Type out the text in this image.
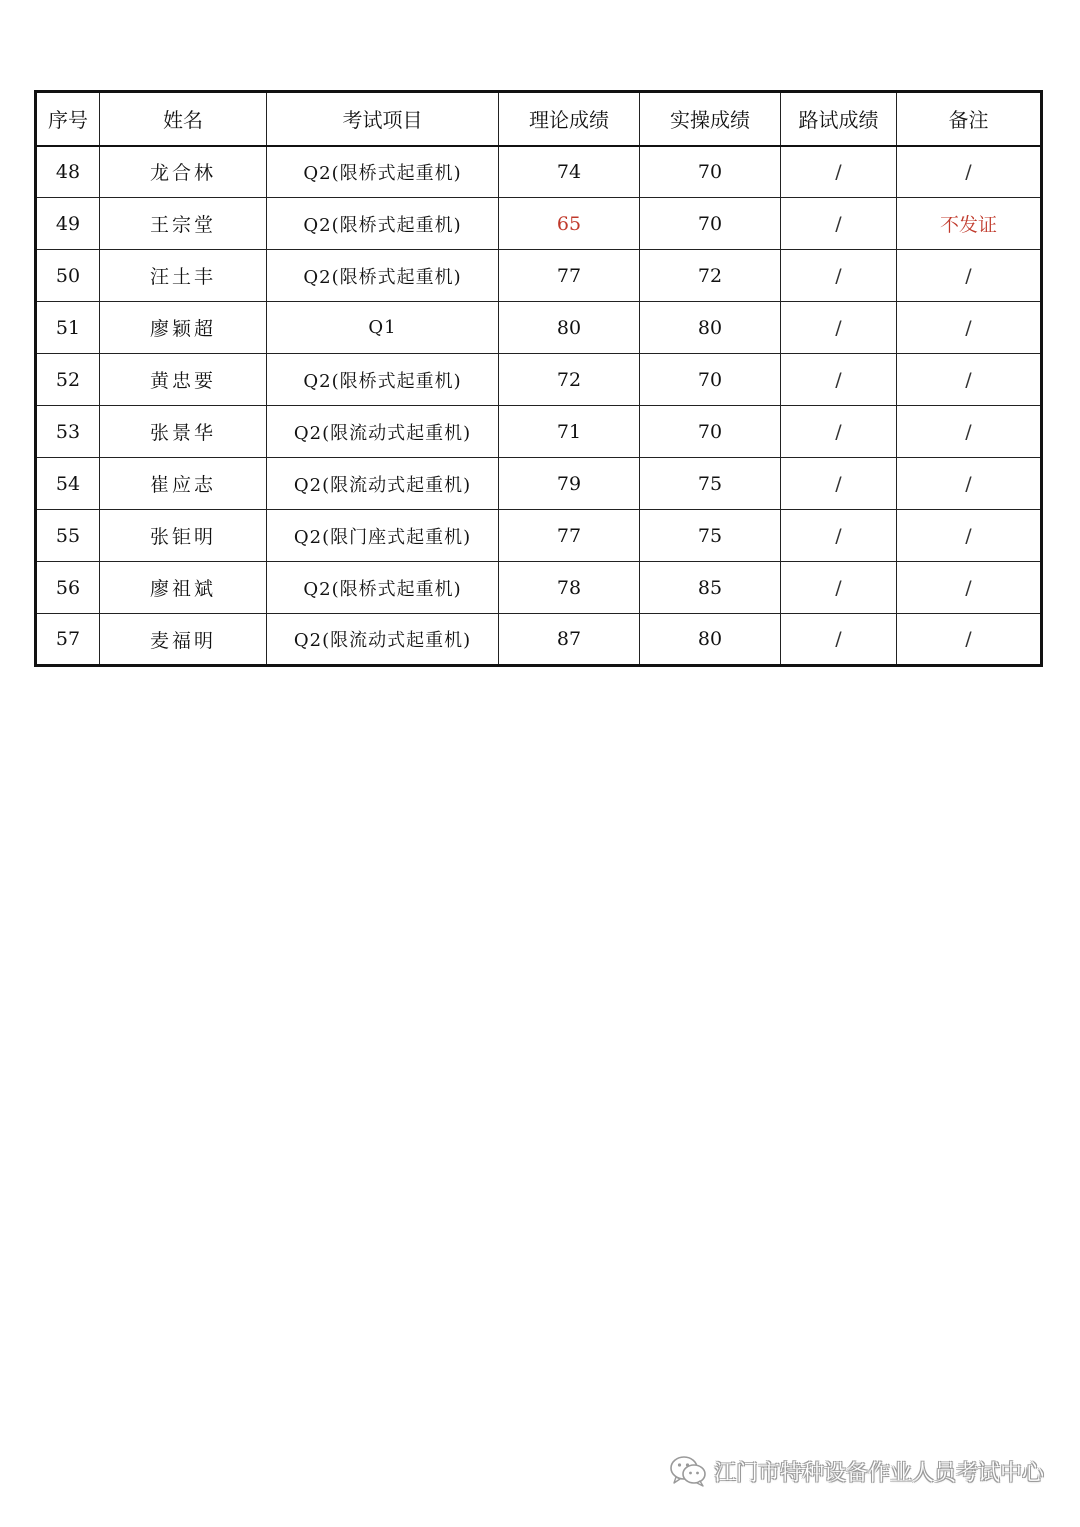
序号	姓名	考试项目	理论成绩	实操成绩	路试成绩	备注
48	龙合林	Q2(限桥式起重机)	74	70	/	/
49	王宗堂	Q2(限桥式起重机)	65	70	/	不发证
50	汪土丰	Q2(限桥式起重机)	77	72	/	/
51	廖颖超	Q1	80	80	/	/
52	黄忠要	Q2(限桥式起重机)	72	70	/	/
53	张景华	Q2(限流动式起重机)	71	70	/	/
54	崔应志	Q2(限流动式起重机)	79	75	/	/
55	张钜明	Q2(限门座式起重机)	77	75	/	/
56	廖祖斌	Q2(限桥式起重机)	78	85	/	/
57	麦福明	Q2(限流动式起重机)	87	80	/	/
江门市特种设备作业人员考试中心
